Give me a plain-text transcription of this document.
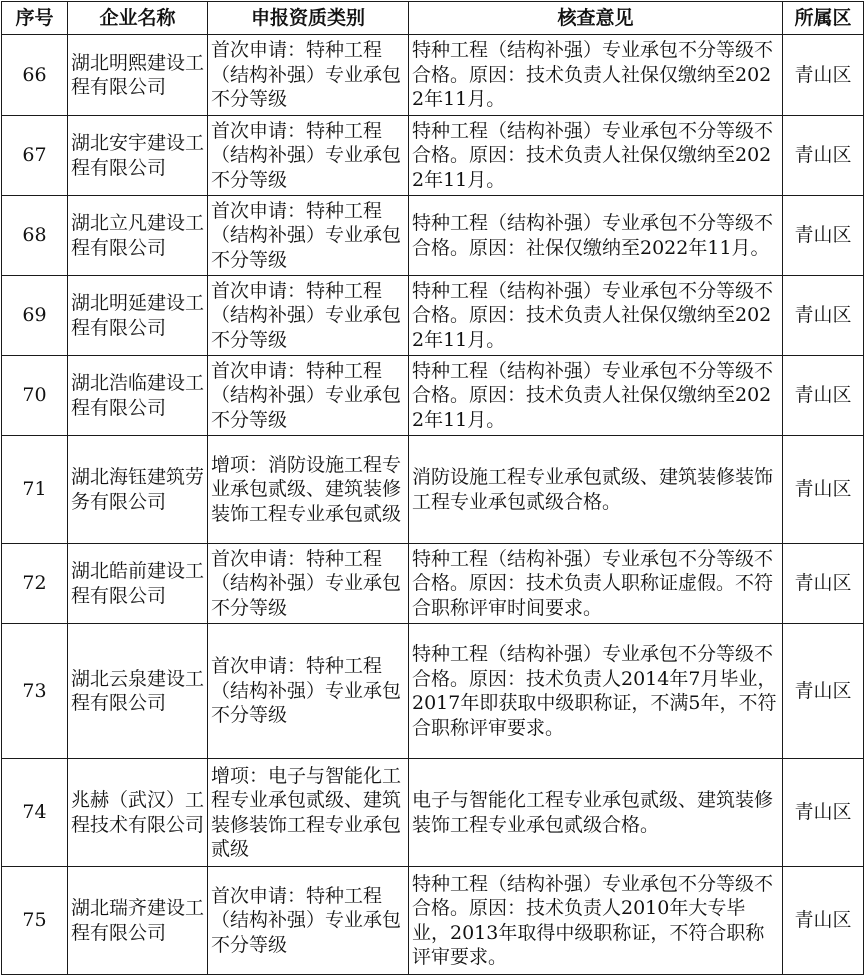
序号	企业名称	申报资质类别	核查意见	所属区
66	湖北明熙建设工程有限公司	首次申请：特种工程（结构补强）专业承包不分等级	特种工程（结构补强）专业承包不分等级不合格。原因：技术负责人社保仅缴纳至2022年11月。	青山区
67	湖北安宇建设工程有限公司	首次申请：特种工程（结构补强）专业承包不分等级	特种工程（结构补强）专业承包不分等级不合格。原因：技术负责人社保仅缴纳至2022年11月。	青山区
68	湖北立凡建设工程有限公司	首次申请：特种工程（结构补强）专业承包不分等级	特种工程（结构补强）专业承包不分等级不合格。原因：社保仅缴纳至2022年11月。	青山区
69	湖北明延建设工程有限公司	首次申请：特种工程（结构补强）专业承包不分等级	特种工程（结构补强）专业承包不分等级不合格。原因：技术负责人社保仅缴纳至2022年11月。	青山区
70	湖北浩临建设工程有限公司	首次申请：特种工程（结构补强）专业承包不分等级	特种工程（结构补强）专业承包不分等级不合格。原因：技术负责人社保仅缴纳至2022年11月。	青山区
71	湖北海钰建筑劳务有限公司	增项：消防设施工程专业承包贰级、建筑装修装饰工程专业承包贰级	消防设施工程专业承包贰级、建筑装修装饰工程专业承包贰级合格。	青山区
72	湖北皓前建设工程有限公司	首次申请：特种工程（结构补强）专业承包不分等级	特种工程（结构补强）专业承包不分等级不合格。原因：技术负责人职称证虚假。不符合职称评审时间要求。	青山区
73	湖北云泉建设工程有限公司	首次申请：特种工程（结构补强）专业承包不分等级	特种工程（结构补强）专业承包不分等级不合格。原因：技术负责人2014年7月毕业，2017年即获取中级职称证，不满5年，不符合职称评审要求。	青山区
74	兆赫（武汉）工程技术有限公司	增项：电子与智能化工程专业承包贰级、建筑装修装饰工程专业承包贰级	电子与智能化工程专业承包贰级、建筑装修装饰工程专业承包贰级合格。	青山区
75	湖北瑞齐建设工程有限公司	首次申请：特种工程（结构补强）专业承包不分等级	特种工程（结构补强）专业承包不分等级不合格。原因：技术负责人2010年大专毕业，2013年取得中级职称证，不符合职称评审要求。	青山区
